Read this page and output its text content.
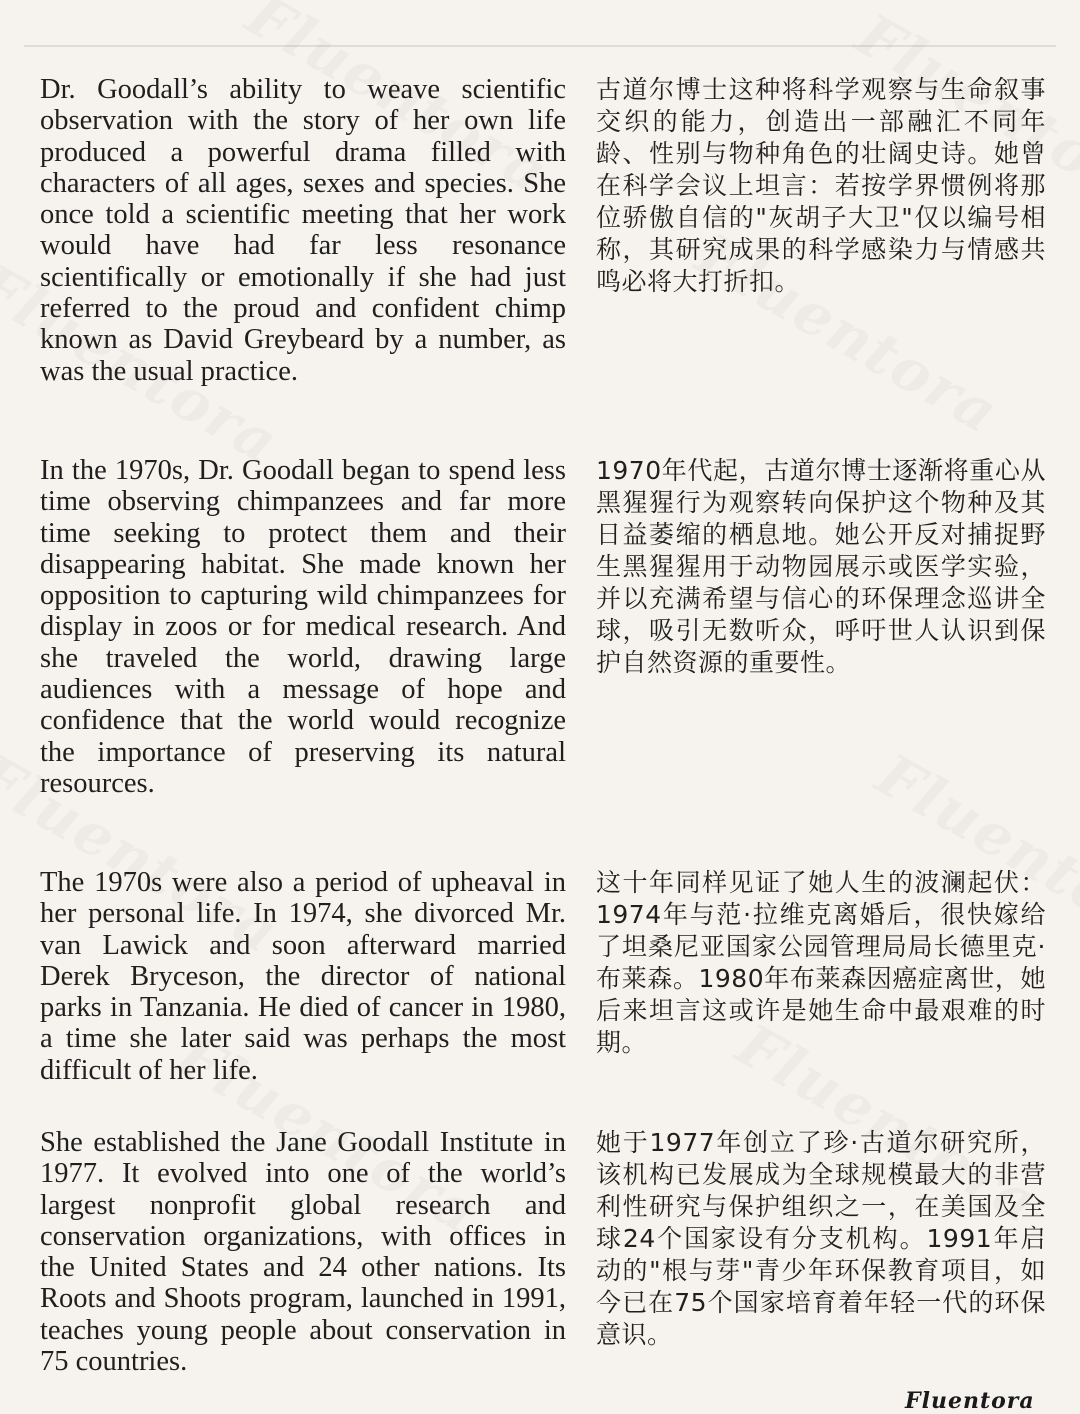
Dr. Goodall’s ability to weave scientific observation with the story of her own life produced a powerful drama filled with characters of all ages, sexes and species. She once told a scientific meeting that her work would have had far less resonance scientifically or emotionally if she had just referred to the proud and confident chimp known as David Greybeard by a number, as was the usual practice.

古道尔博士这种将科学观察与生命叙事交织的能力，创造出一部融汇不同年龄、性别与物种角色的壮阔史诗。她曾在科学会议上坦言：若按学界惯例将那位骄傲自信的"灰胡子大卫"仅以编号相称，其研究成果的科学感染力与情感共鸣必将大打折扣。

In the 1970s, Dr. Goodall began to spend less time observing chimpanzees and far more time seeking to protect them and their disappearing habitat. She made known her opposition to capturing wild chimpanzees for display in zoos or for medical research. And she traveled the world, drawing large audiences with a message of hope and confidence that the world would recognize the importance of preserving its natural resources.

1970年代起，古道尔博士逐渐将重心从黑猩猩行为观察转向保护这个物种及其日益萎缩的栖息地。她公开反对捕捉野生黑猩猩用于动物园展示或医学实验，并以充满希望与信心的环保理念巡讲全球，吸引无数听众，呼吁世人认识到保护自然资源的重要性。

The 1970s were also a period of upheaval in her personal life. In 1974, she divorced Mr. van Lawick and soon afterward married Derek Bryceson, the director of national parks in Tanzania. He died of cancer in 1980, a time she later said was perhaps the most difficult of her life.

这十年同样见证了她人生的波澜起伏：1974年与范·拉维克离婚后，很快嫁给了坦桑尼亚国家公园管理局局长德里克·布莱森。1980年布莱森因癌症离世，她后来坦言这或许是她生命中最艰难的时期。

She established the Jane Goodall Institute in 1977. It evolved into one of the world’s largest nonprofit global research and conservation organizations, with offices in the United States and 24 other nations. Its Roots and Shoots program, launched in 1991, teaches young people about conservation in 75 countries.

她于1977年创立了珍·古道尔研究所，该机构已发展成为全球规模最大的非营利性研究与保护组织之一，在美国及全球24个国家设有分支机构。1991年启动的"根与芽"青少年环保教育项目，如今已在75个国家培育着年轻一代的环保意识。

Fluentora
